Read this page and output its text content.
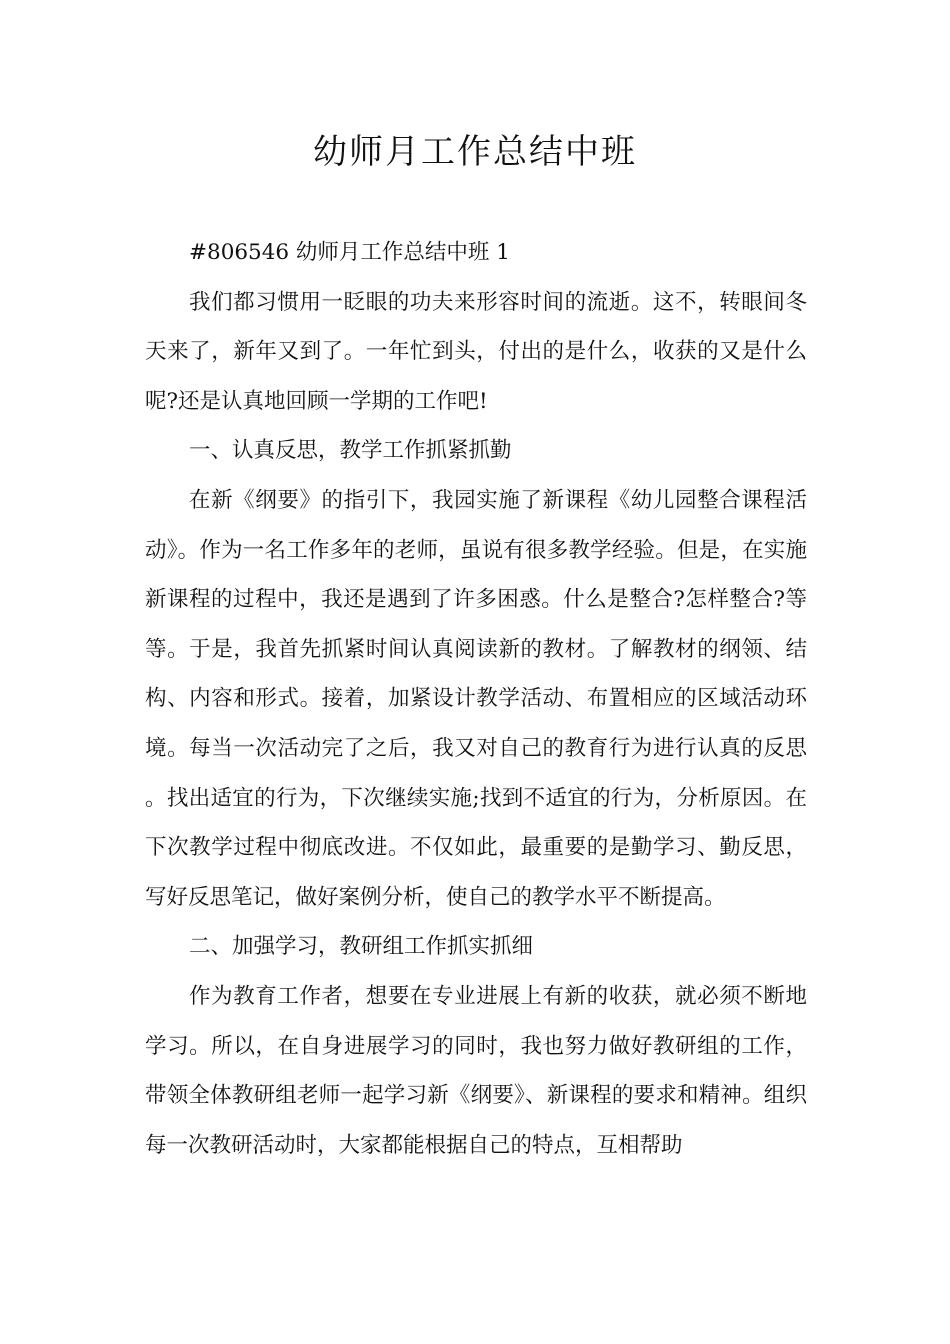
幼师月工作总结中班

#806546 幼师月工作总结中班 1

我们都习惯用一眨眼的功夫来形容时间的流逝。这不，转眼间冬天来了，新年又到了。一年忙到头，付出的是什么，收获的又是什么呢?还是认真地回顾一学期的工作吧!

一、认真反思，教学工作抓紧抓勤

在新《纲要》的指引下，我园实施了新课程《幼儿园整合课程活动》。作为一名工作多年的老师，虽说有很多教学经验。但是，在实施新课程的过程中，我还是遇到了许多困惑。什么是整合?怎样整合?等等。于是，我首先抓紧时间认真阅读新的教材。了解教材的纲领、结构、内容和形式。接着，加紧设计教学活动、布置相应的区域活动环境。每当一次活动完了之后，我又对自己的教育行为进行认真的反思。找出适宜的行为，下次继续实施;找到不适宜的行为，分析原因。在下次教学过程中彻底改进。不仅如此，最重要的是勤学习、勤反思，写好反思笔记，做好案例分析，使自己的教学水平不断提高。

二、加强学习，教研组工作抓实抓细

作为教育工作者，想要在专业进展上有新的收获，就必须不断地学习。所以，在自身进展学习的同时，我也努力做好教研组的工作，带领全体教研组老师一起学习新《纲要》、新课程的要求和精神。组织每一次教研活动时，大家都能根据自己的特点，互相帮助
